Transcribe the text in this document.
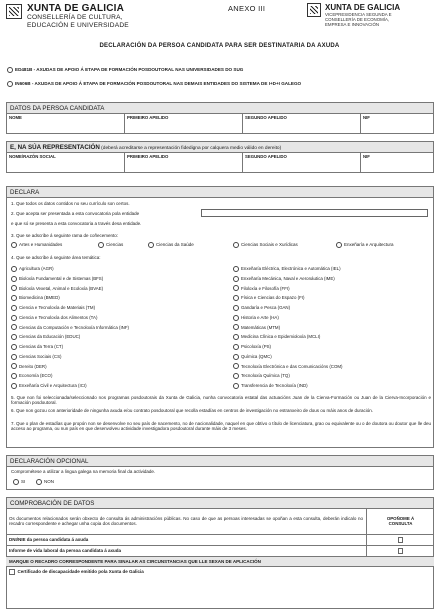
XUNTA DE GALICIA
CONSELLERÍA DE CULTURA,
EDUCACIÓN E UNIVERSIDADE
ANEXO III	XUNTA DE GALICIA
VICEPRESIDENCIA SEGUNDA E
CONSELLERÍA DE ECONOMÍA,
EMPRESA E INNOVACIÓN
DECLARACIÓN DA PERSOA CANDIDATA PARA SER DESTINATARIA DA AXUDA
ED481B - AXUDAS DE APOIO Á ETAPA DE FORMACIÓN POSDOUTORAL NAS UNIVERSIDADES DO SUG
IN606B - AXUDAS DE APOIO Á ETAPA DE FORMACIÓN POSDOUTORAL NAS DEMAIS ENTIDADES DO SISTEMA DE I+D+I GALEGO
DATOS DA PERSOA CANDIDATA
NOME	PRIMEIRO APELIDO	SEGUNDO APELIDO	NIF
E, NA SÚA REPRESENTACIÓN (deberá acreditarse a representación fidedigna por calquera medio válido en dereito)
NOME/RAZÓN SOCIAL	PRIMEIRO APELIDO	SEGUNDO APELIDO	NIF
DECLARA
1. Que todos os datos contidos no seu currículo son certos.
2. Que acepta ser presentada a esta convocatoria pola entidade
e que só se presenta a esta convocatoria a través desa entidade.
3. Que se adscribe á seguinte rama de coñecemento:
Artes e Humanidades	Ciencias	Ciencias da Saúde	Ciencias Sociais e Xurídicas	Enxeñaría e Arquitectura
4. Que se adscribe á seguinte área temática:
Agricultura (AGR)
Bioloxía Fundamental e de Sistemas (BFS)
Bioloxía Vexetal, Animal e Ecoloxía (BVAE)
Biomedicina (BMED)
Ciencia e Tecnoloxía de Materiais (TM)
Ciencia e Tecnoloxía dos Alimentos (TA)
Ciencias da Computación e Tecnoloxía Informática (INF)
Ciencias da Educación (EDUC)
Ciencias da Terra (CT)
Ciencias Sociais (CS)
Dereito (DER)
Economía (ECO)
Enxeñaría Civil e Arquitectura (ICI)
Enxeñaría Eléctrica, Electrónica e Automática (IEL)
Enxeñaría Mecánica, Naval e Aeronáutica (IME)
Filoloxía e Filosofía (FFI)
Física e Ciencias do Espazo (FI)
Gandaría e Pesca (GAN)
Historia e Arte (HA)
Matemáticas (MTM)
Medicina Clínica e Epidemioloxía (MCLI)
Psicoloxía (PS)
Química (QMC)
Tecnoloxía Electrónica e das Comunicacións (COM)
Tecnoloxía Química (TQ)
Transferencia de Tecnoloxía (IND)
5. Que non foi seleccionada/seleccionado nos programas posdoutorais da Xunta de Galicia, nunha convocatoria estatal das actuacións Juan de la Cierva-Formación ou Juan de la Cierva-Incorporación e formación posdoutoral.
6. Que non gozou con anterioridade de ningunha axuda e/ou contrato posdoutoral que recolla estadías en centros de investigación no estranxeiro de dous ou máis anos de duración.
7. Que o plan de estadías que propón non se desenvolve no seu país de nacemento, no de nacionalidade, naquel en que obtivo o título de licenciatura, grao ou equivalente ou o de doutora ou doutor que lle deu acceso ao programa, ou nun país en que desenvolveu actividade investigadora posdoutoral durante máis de 3 meses.
DECLARACIÓN OPCIONAL
Comprométese a utilizar a lingua galega na memoria final da actividade.
SI	NON
COMPROBACIÓN DE DATOS
Os documentos relacionados serán obxecto de consulta ás administracións públicas. No caso de que as persoas interesadas se opoñan a esta consulta, deberán indicalo no recadro correspondente e achegar unha copia dos documentos.
OPOÑOME Á CONSULTA
DNI/NIE da persoa candidata á axuda
Informe de vida laboral da persoa candidata á axuda
MARQUE O RECADRO CORRESPONDENTE PARA SINALAR AS CIRCUNSTANCIAS QUE LLE SEXAN DE APLICACIÓN
Certificado de discapacidade emitido pola Xunta de Galicia
